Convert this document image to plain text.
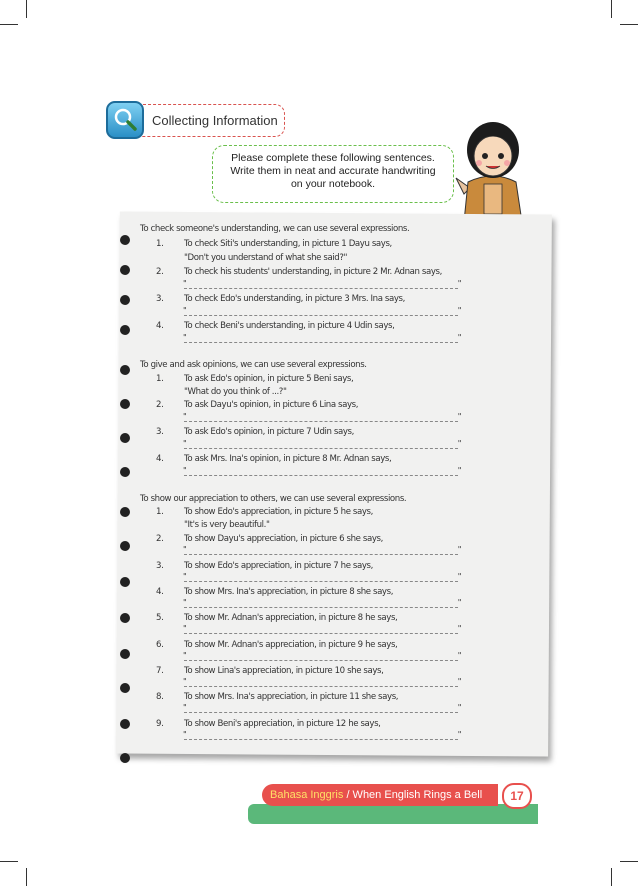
Collecting Information
Please complete these following sentences.
Write them in neat and accurate handwriting
on your notebook.
To check someone's understanding, we can use several expressions.
1.	To check Siti's understanding, in picture 1 Dayu says,
"Don't you understand of what she said?"
2.	To check his students' understanding, in picture 2 Mr. Adnan says,
"	"
3.	To check Edo's understanding, in picture 3 Mrs. Ina says,
"	"
4.	To check Beni's understanding, in picture 4 Udin says,
"	"
To give and ask opinions, we can use several expressions.
1.	To ask Edo's opinion, in picture 5 Beni says,
"What do you think of ...?"
2.	To ask Dayu's opinion, in picture 6 Lina says,
"	"
3.	To ask Edo's opinion, in picture 7 Udin says,
"	"
4.	To ask Mrs. Ina's opinion, in picture 8 Mr. Adnan says,
"	"
To show our appreciation to others, we can use several expressions.
1.	To show Edo's appreciation, in picture 5 he says,
"It's is very beautiful."
2.	To show Dayu's appreciation, in picture 6 she says,
"	"
3.	To show Edo's appreciation, in picture 7 he says,
"	"
4.	To show Mrs. Ina's appreciation, in picture 8 she says,
"	"
5.	To show Mr. Adnan's appreciation, in picture 8 he says,
"	"
6.	To show Mr. Adnan's appreciation, in picture 9 he says,
"	"
7.	To show Lina's appreciation, in picture 10 she says,
"	"
8.	To show Mrs. Ina's appreciation, in picture 11 she says,
"	"
9.	To show Beni's appreciation, in picture 12 he says,
"	"
Bahasa Inggris / When English Rings a Bell	17
